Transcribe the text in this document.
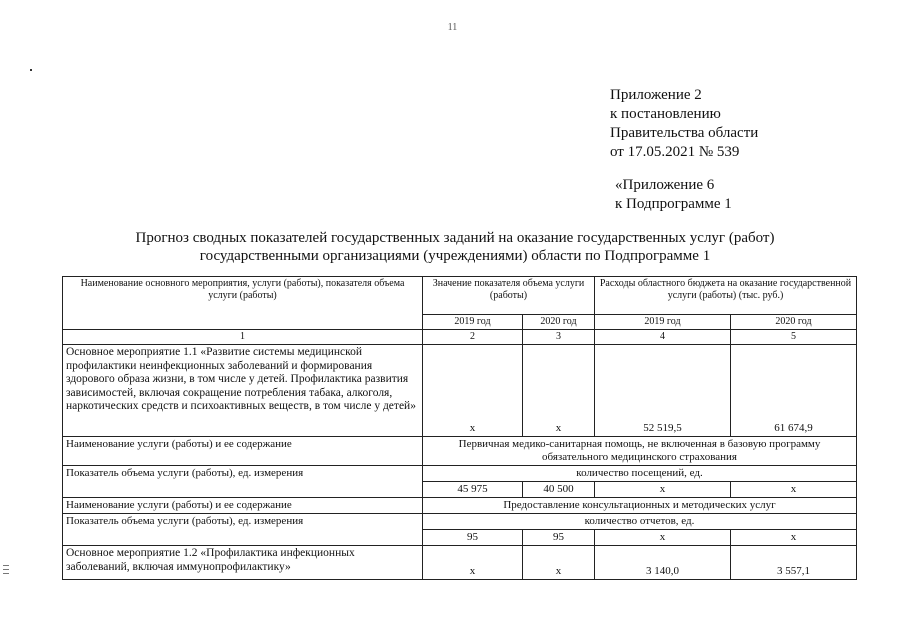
11
Приложение 2
к постановлению
Правительства области
от 17.05.2021 № 539
«Приложение 6
к Подпрограмме 1
Прогноз сводных показателей государственных заданий на оказание государственных услуг (работ)
государственными организациями (учреждениями) области по Подпрограмме 1
Наименование основного мероприятия, услуги (работы), показателя объема услуги (работы)	Значение показателя объема услуги (работы)		Расходы областного бюджета на оказание государственной услуги (работы) (тыс. руб.)	
	2019 год	2020 год	2019 год	2020 год
1	2	3	4	5
Основное мероприятие 1.1 «Развитие системы медицинской профилактики неинфекционных заболеваний и формирования здорового образа жизни, в том числе у детей. Профилактика развития зависимостей, включая сокращение потребления табака, алкоголя, наркотических средств и психоактивных веществ, в том числе у детей»	х	х	52 519,5	61 674,9
Наименование услуги (работы) и ее содержание	Первичная медико-санитарная помощь, не включенная в базовую программу обязательного медицинского страхования			
Показатель объема услуги (работы), ед. измерения	количество посещений, ед.			
	45 975	40 500	х	х
Наименование услуги (работы) и ее содержание	Предоставление консультационных и методических услуг			
Показатель объема услуги (работы), ед. измерения	количество отчетов, ед.			
	95	95	х	х
Основное мероприятие 1.2 «Профилактика инфекционных заболеваний, включая иммунопрофилактику»	х	х	3 140,0	3 557,1
